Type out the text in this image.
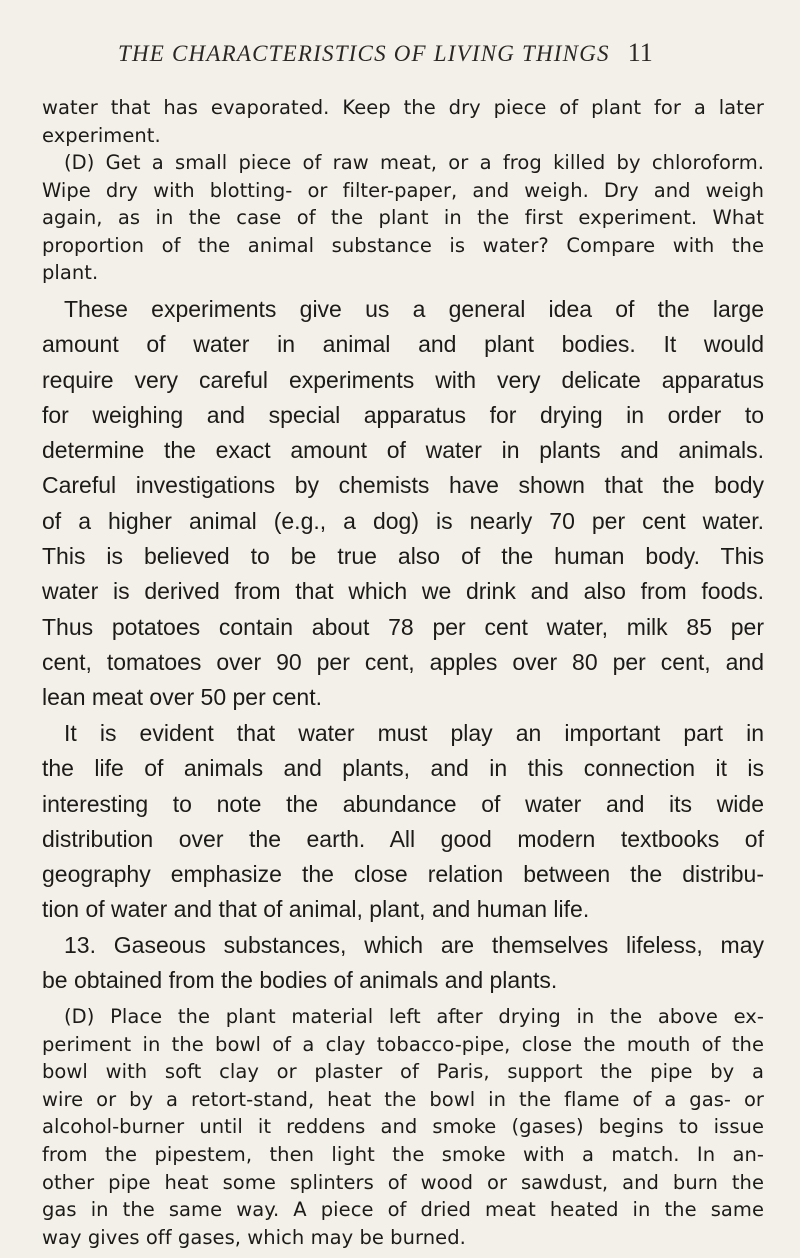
THE CHARACTERISTICS OF LIVING THINGS 11
water that has evaporated. Keep the dry piece of plant for a later
experiment.
(D) Get a small piece of raw meat, or a frog killed by chloroform.
Wipe dry with blotting- or filter-paper, and weigh. Dry and weigh
again, as in the case of the plant in the first experiment. What
proportion of the animal substance is water? Compare with the
plant.
These experiments give us a general idea of the large
amount of water in animal and plant bodies. It would
require very careful experiments with very delicate apparatus
for weighing and special apparatus for drying in order to
determine the exact amount of water in plants and animals.
Careful investigations by chemists have shown that the body
of a higher animal (e.g., a dog) is nearly 70 per cent water.
This is believed to be true also of the human body. This
water is derived from that which we drink and also from foods.
Thus potatoes contain about 78 per cent water, milk 85 per
cent, tomatoes over 90 per cent, apples over 80 per cent, and
lean meat over 50 per cent.
It is evident that water must play an important part in
the life of animals and plants, and in this connection it is
interesting to note the abundance of water and its wide
distribution over the earth. All good modern textbooks of
geography emphasize the close relation between the distribu-
tion of water and that of animal, plant, and human life.
13. Gaseous substances, which are themselves lifeless, may
be obtained from the bodies of animals and plants.
(D) Place the plant material left after drying in the above ex-
periment in the bowl of a clay tobacco-pipe, close the mouth of the
bowl with soft clay or plaster of Paris, support the pipe by a
wire or by a retort-stand, heat the bowl in the flame of a gas- or
alcohol-burner until it reddens and smoke (gases) begins to issue
from the pipestem, then light the smoke with a match. In an-
other pipe heat some splinters of wood or sawdust, and burn the
gas in the same way. A piece of dried meat heated in the same
way gives off gases, which may be burned.
